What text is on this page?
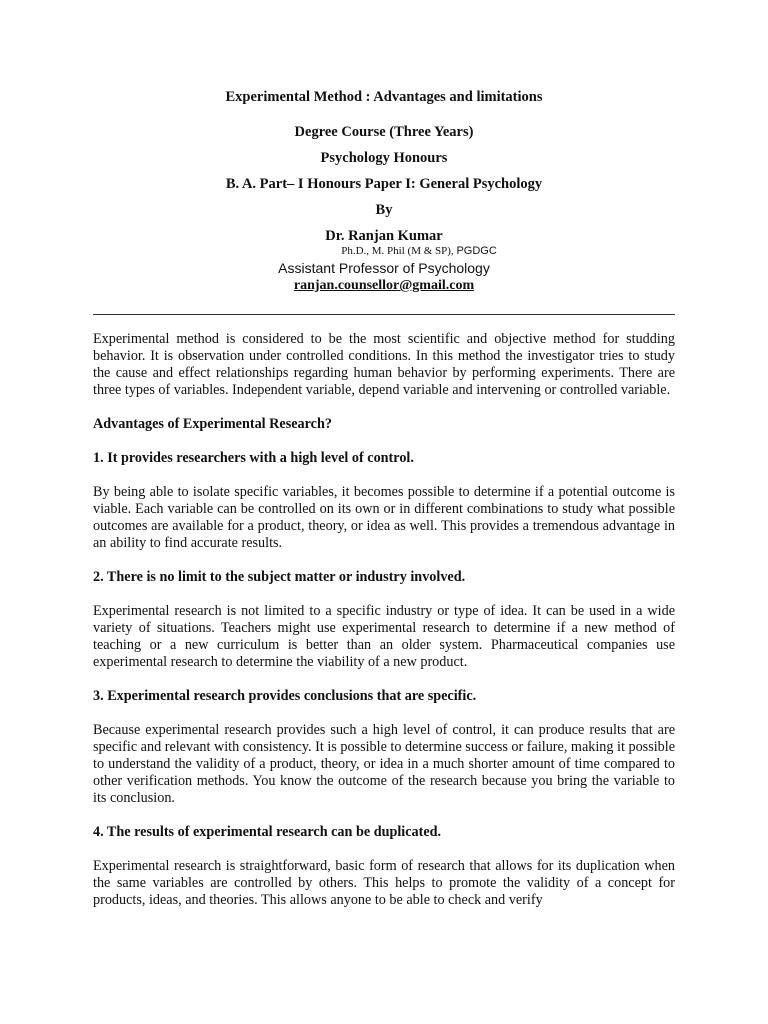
Experimental Method : Advantages and limitations

Degree Course (Three Years)

Psychology Honours

B. A. Part– I Honours Paper I: General Psychology

By

Dr. Ranjan Kumar

Ph.D., M. Phil (M & SP), PGDGC

Assistant Professor of Psychology

ranjan.counsellor@gmail.com

Experimental method is considered to be the most scientific and objective method for studding behavior. It is observation under controlled conditions. In this method the investigator tries to study the cause and effect relationships regarding human behavior by performing experiments. There are three types of variables. Independent variable, depend variable and intervening or controlled variable.

Advantages of Experimental Research?

1. It provides researchers with a high level of control.

By being able to isolate specific variables, it becomes possible to determine if a potential outcome is viable. Each variable can be controlled on its own or in different combinations to study what possible outcomes are available for a product, theory, or idea as well. This provides a tremendous advantage in an ability to find accurate results.

2. There is no limit to the subject matter or industry involved.

Experimental research is not limited to a specific industry or type of idea. It can be used in a wide variety of situations. Teachers might use experimental research to determine if a new method of teaching or a new curriculum is better than an older system. Pharmaceutical companies use experimental research to determine the viability of a new product.

3. Experimental research provides conclusions that are specific.

Because experimental research provides such a high level of control, it can produce results that are specific and relevant with consistency. It is possible to determine success or failure, making it possible to understand the validity of a product, theory, or idea in a much shorter amount of time compared to other verification methods. You know the outcome of the research because you bring the variable to its conclusion.

4. The results of experimental research can be duplicated.

Experimental research is straightforward, basic form of research that allows for its duplication when the same variables are controlled by others. This helps to promote the validity of a concept for products, ideas, and theories. This allows anyone to be able to check and verify
